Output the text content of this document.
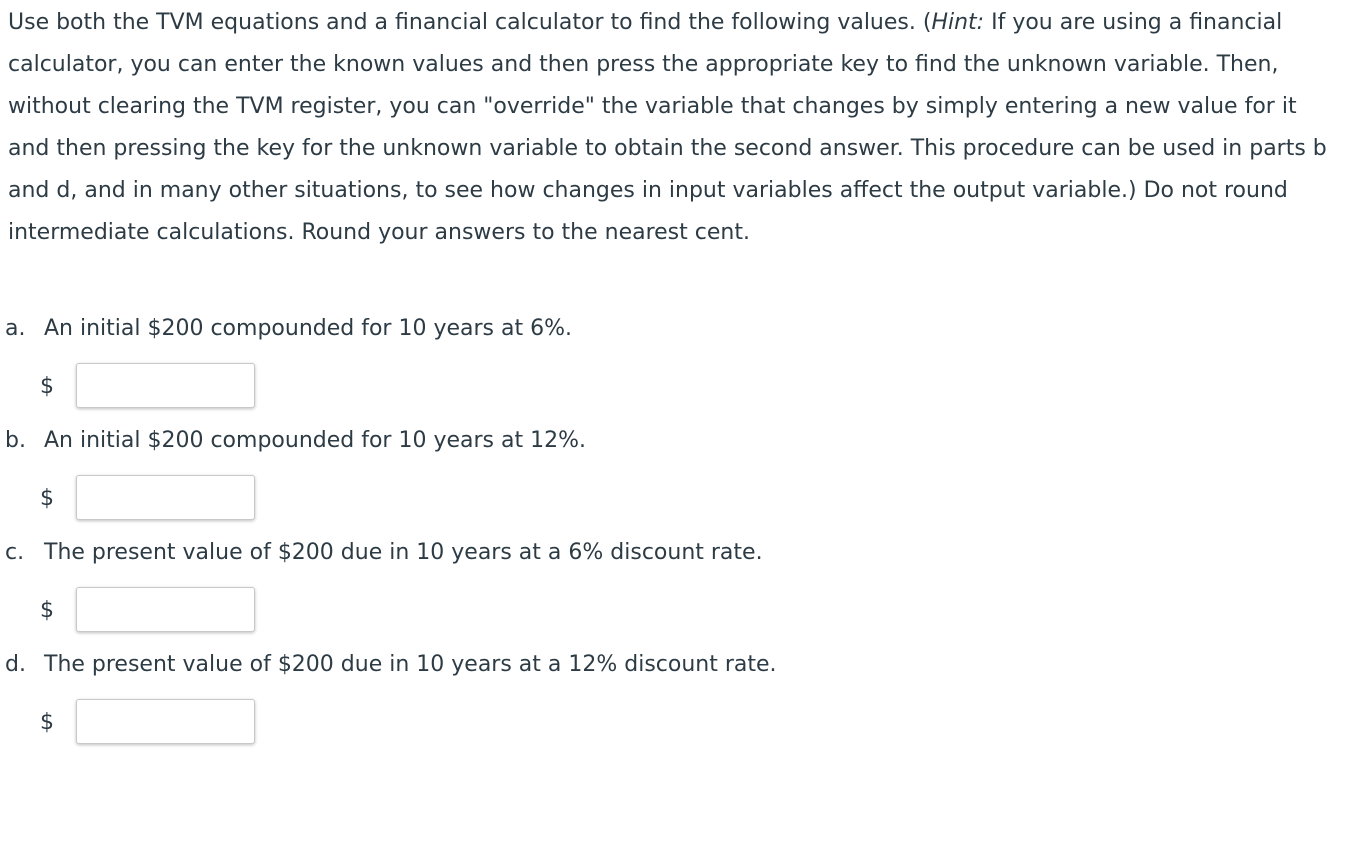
Use both the TVM equations and a financial calculator to find the following values. (Hint: If you are using a financial calculator, you can enter the known values and then press the appropriate key to find the unknown variable. Then, without clearing the TVM register, you can "override" the variable that changes by simply entering a new value for it and then pressing the key for the unknown variable to obtain the second answer. This procedure can be used in parts b and d, and in many other situations, to see how changes in input variables affect the output variable.) Do not round intermediate calculations. Round your answers to the nearest cent.

a. An initial $200 compounded for 10 years at 6%.
$
b. An initial $200 compounded for 10 years at 12%.
$
c. The present value of $200 due in 10 years at a 6% discount rate.
$
d. The present value of $200 due in 10 years at a 12% discount rate.
$
